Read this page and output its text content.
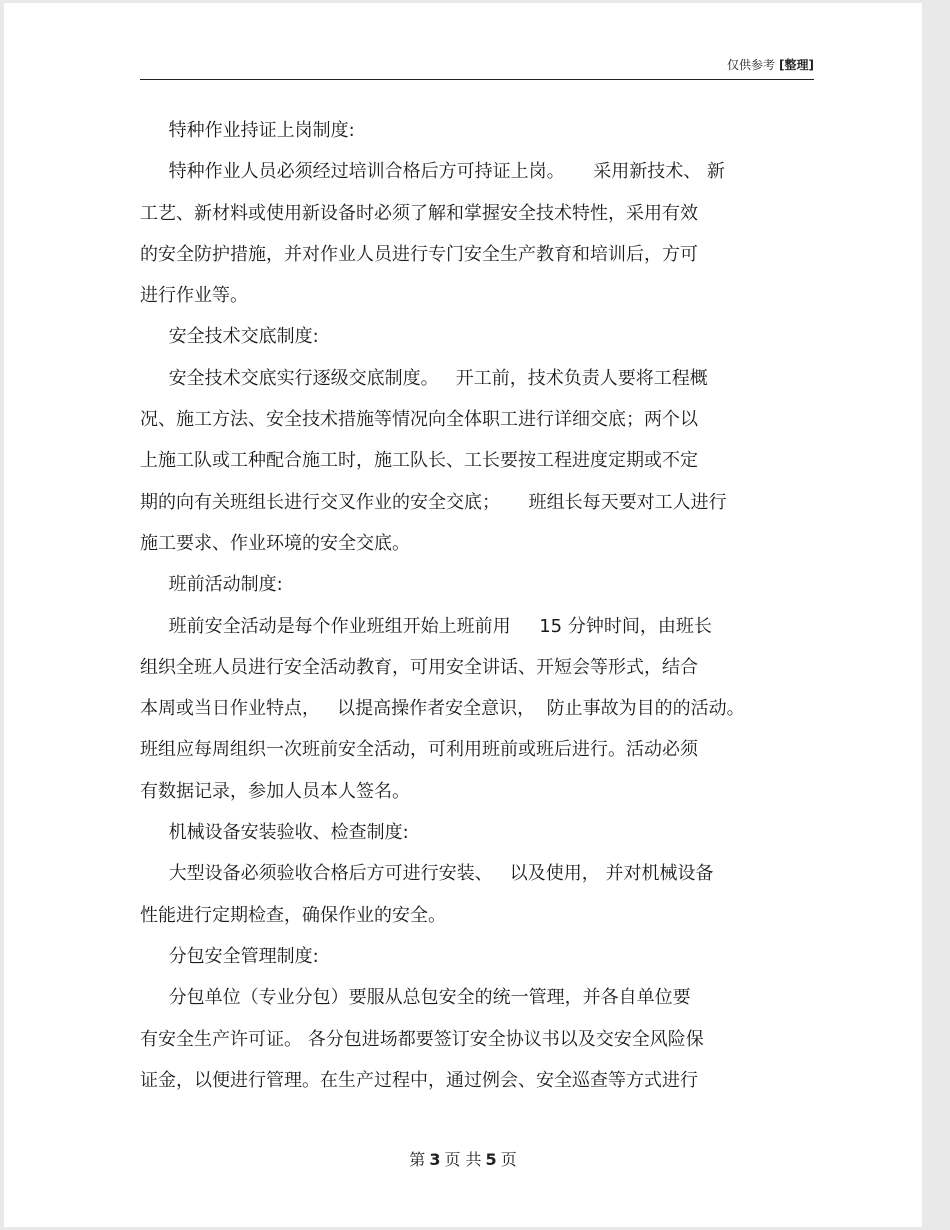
仅供参考 [整理]
特种作业持证上岗制度:
特种作业人员必须经过培训合格后方可持证上岗。     采用新技术、 新
工艺、新材料或使用新设备时必须了解和掌握安全技术特性，采用有效
的安全防护措施，并对作业人员进行专门安全生产教育和培训后，方可
进行作业等。
安全技术交底制度:
安全技术交底实行逐级交底制度。   开工前，技术负责人要将工程概
况、施工方法、安全技术措施等情况向全体职工进行详细交底；两个以
上施工队或工种配合施工时，施工队长、工长要按工程进度定期或不定
期的向有关班组长进行交叉作业的安全交底；     班组长每天要对工人进行
施工要求、作业环境的安全交底。
班前活动制度:
班前安全活动是每个作业班组开始上班前用     15 分钟时间，由班长
组织全班人员进行安全活动教育，可用安全讲话、开短会等形式，结合
本周或当日作业特点，   以提高操作者安全意识，  防止事故为目的的活动。
班组应每周组织一次班前安全活动，可利用班前或班后进行。活动必须
有数据记录，参加人员本人签名。
机械设备安装验收、检查制度:
大型设备必须验收合格后方可进行安装、   以及使用， 并对机械设备
性能进行定期检查，确保作业的安全。
分包安全管理制度:
分包单位（专业分包）要服从总包安全的统一管理，并各自单位要
有安全生产许可证。 各分包进场都要签订安全协议书以及交安全风险保
证金，以便进行管理。在生产过程中，通过例会、安全巡查等方式进行
第 3 页 共 5 页
